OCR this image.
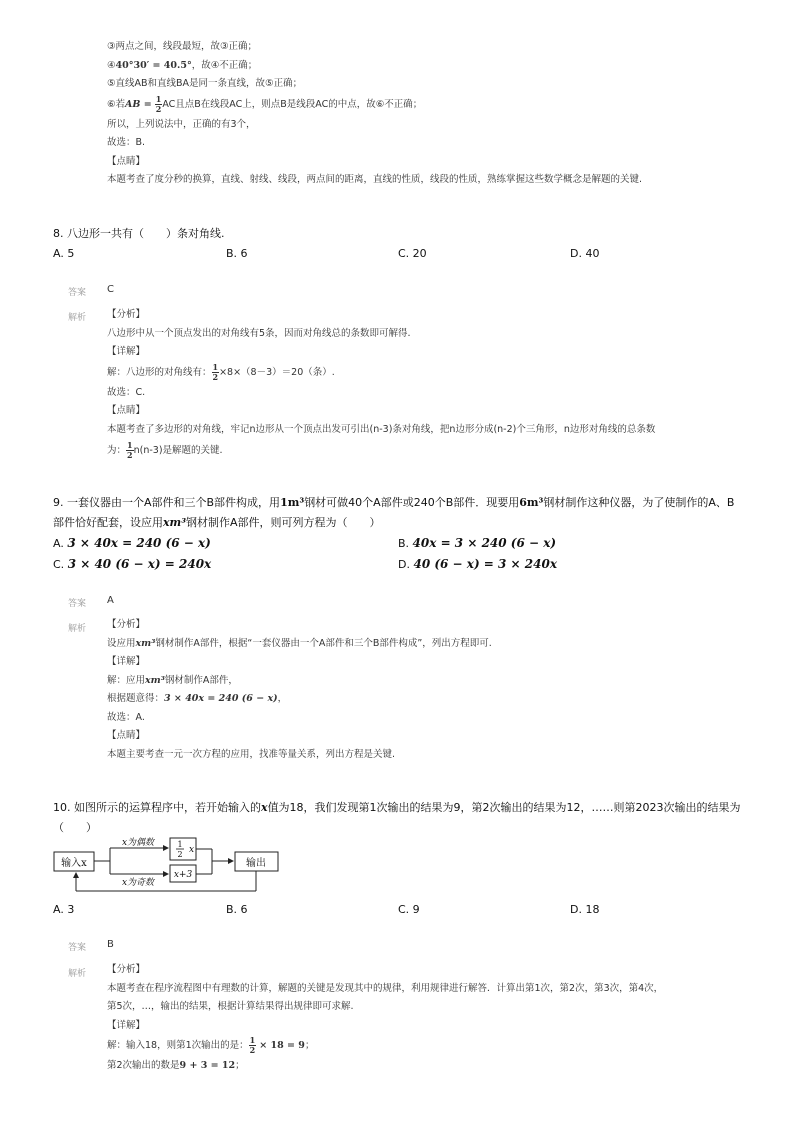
③两点之间，线段最短，故③正确；
④40°30′ = 40.5°，故④不正确；
⑤直线AB和直线BA是同一条直线，故⑤正确；
⑥若AB = $\frac{1}{2}$ AC且点B在线段AC上，则点B是线段AC的中点，故⑥不正确；
所以，上列说法中，正确的有3个，
故选：B.
【点睛】
本题考查了度分秒的换算，直线、射线、线段，两点间的距离，直线的性质，线段的性质，熟练掌握这些数学概念是解题的关键.
8. 八边形一共有（　　）条对角线.
A. 5	B. 6	C. 20	D. 40
答案 C
解析 【分析】
八边形中从一个顶点发出的对角线有5条，因而对角线总的条数即可解得.
【详解】
解：八边形的对角线有： $\frac{1}{2} \times 8\times(8-3)=20$（条）.
故选：C.
【点睛】
本题考查了多边形的对角线，牢记n边形从一个顶点出发可引出(n-3)条对角线，把n边形分成(n-2)个三角形，n边形对角线的总条数
为： $\frac{1}{2} n(n-3)$是解题的关键.
9. 一套仪器由一个A部件和三个B部件构成，用1m³钢材可做40个A部件或240个B部件．现要用6m³钢材制作这种仪器，为了使制作的A、B
部件恰好配套，设应用xm³钢材制作A部件，则可列方程为（　　）
A. 3 × 40x = 240 (6 − x)	B. 40x = 3 × 240 (6 − x)
C. 3 × 40 (6 − x) = 240x	D. 40 (6 − x) = 3 × 240x
答案 A
解析 【分析】
设应用xm³钢材制作A部件，根据“一套仪器由一个A部件和三个B部件构成”，列出方程即可.
【详解】
解：应用xm³钢材制作A部件，
根据题意得：3 × 40x = 240 (6 − x)，
故选：A.
【点睛】
本题主要考查一元一次方程的应用，找准等量关系，列出方程是关键.
10. 如图所示的运算程序中，若开始输入的x值为18，我们发现第1次输出的结果为9，第2次输出的结果为12，……则第2023次输出的结果为
（　　）
输入x
x为偶数
x为奇数
1
2 x
x+3
输出
A. 3	B. 6	C. 9	D. 18
答案 B
解析 【分析】
本题考查在程序流程图中有理数的计算，解题的关键是发现其中的规律，利用规律进行解答．计算出第1次，第2次，第3次，第4次，
第5次，…，输出的结果，根据计算结果得出规律即可求解.
【详解】
解：输入18，则第1次输出的是： $\frac{1}{2} \times 18 = 9$；
第2次输出的数是9 + 3 = 12；
